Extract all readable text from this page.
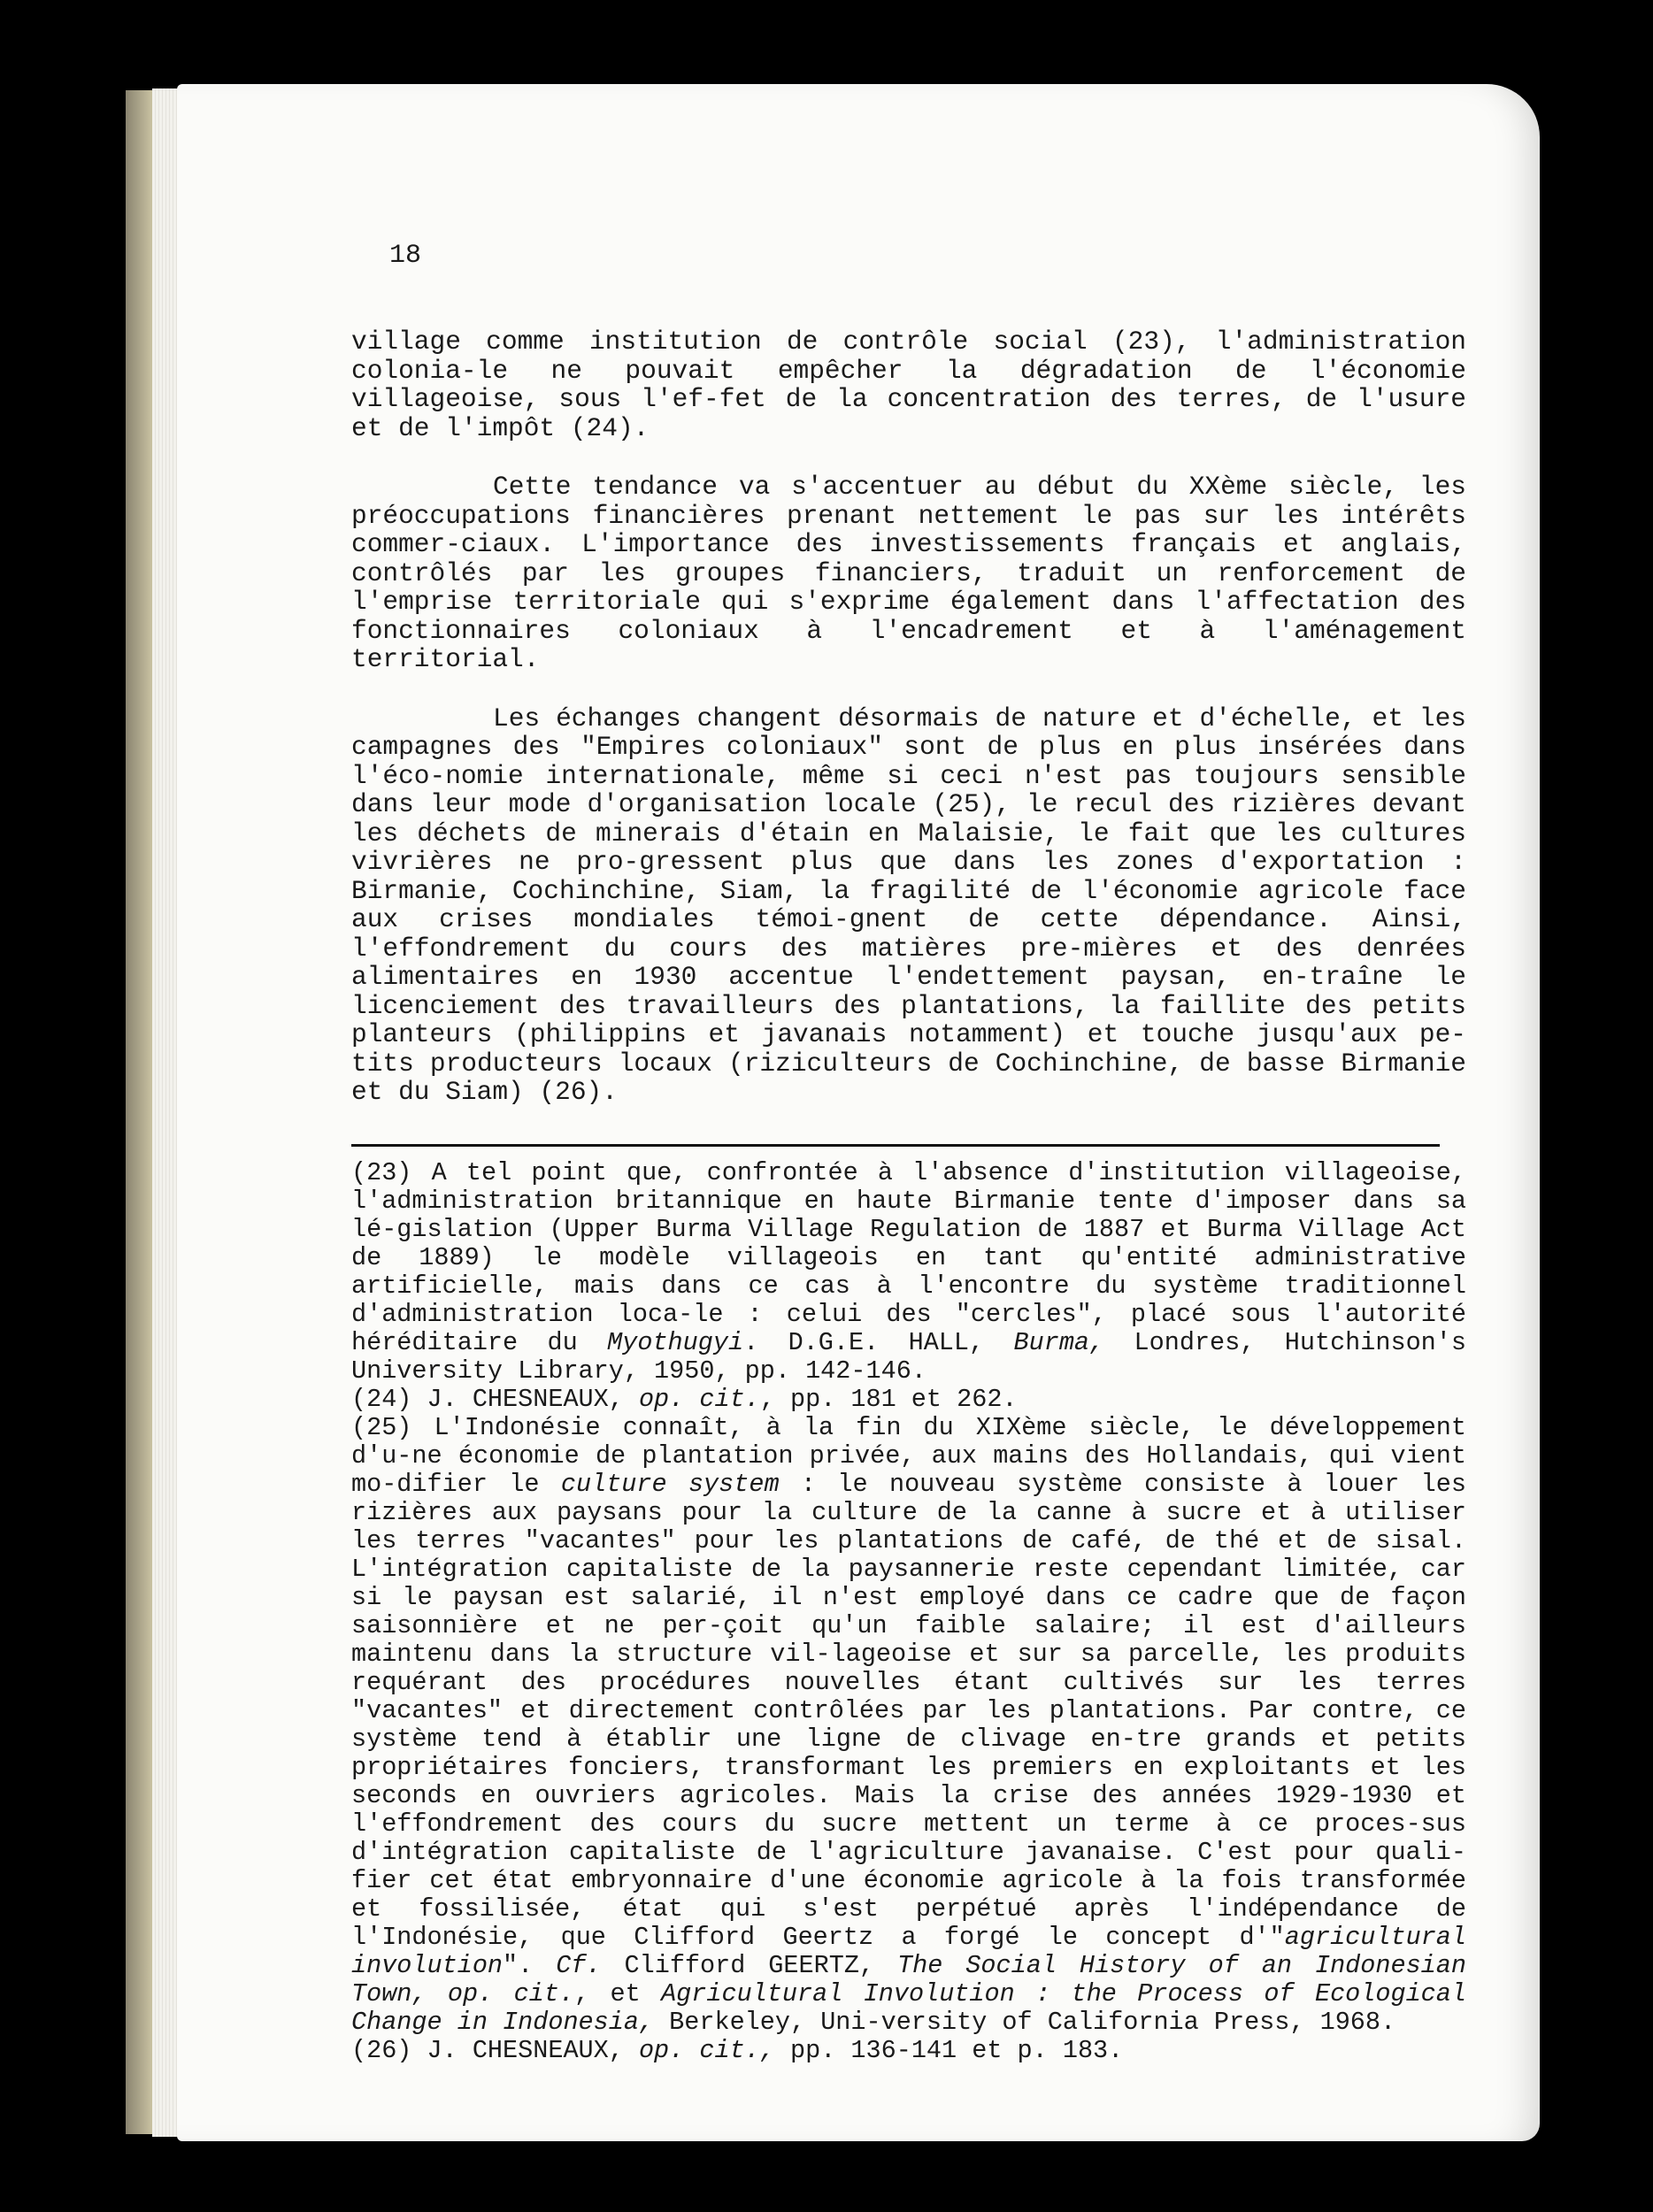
18

village comme institution de contrôle social (23), l'administration colonia-le ne pouvait empêcher la dégradation de l'économie villageoise, sous l'ef-fet de la concentration des terres, de l'usure et de l'impôt (24).

Cette tendance va s'accentuer au début du XXème siècle, les préoccupations financières prenant nettement le pas sur les intérêts commer-ciaux. L'importance des investissements français et anglais, contrôlés par les groupes financiers, traduit un renforcement de l'emprise territoriale qui s'exprime également dans l'affectation des fonctionnaires coloniaux à l'encadrement et à l'aménagement territorial.

Les échanges changent désormais de nature et d'échelle, et les campagnes des "Empires coloniaux" sont de plus en plus insérées dans l'éco-nomie internationale, même si ceci n'est pas toujours sensible dans leur mode d'organisation locale (25), le recul des rizières devant les déchets de minerais d'étain en Malaisie, le fait que les cultures vivrières ne pro-gressent plus que dans les zones d'exportation : Birmanie, Cochinchine, Siam, la fragilité de l'économie agricole face aux crises mondiales témoi-gnent de cette dépendance. Ainsi, l'effondrement du cours des matières pre-mières et des denrées alimentaires en 1930 accentue l'endettement paysan, en-traîne le licenciement des travailleurs des plantations, la faillite des petits planteurs (philippins et javanais notamment) et touche jusqu'aux pe-tits producteurs locaux (riziculteurs de Cochinchine, de basse Birmanie et du Siam) (26).

(23) A tel point que, confrontée à l'absence d'institution villageoise, l'administration britannique en haute Birmanie tente d'imposer dans sa lé-gislation (Upper Burma Village Regulation de 1887 et Burma Village Act de 1889) le modèle villageois en tant qu'entité administrative artificielle, mais dans ce cas à l'encontre du système traditionnel d'administration loca-le : celui des "cercles", placé sous l'autorité héréditaire du Myothugyi. D.G.E. HALL, Burma, Londres, Hutchinson's University Library, 1950, pp. 142-146.

(24) J. CHESNEAUX, op. cit., pp. 181 et 262.

(25) L'Indonésie connaît, à la fin du XIXème siècle, le développement d'u-ne économie de plantation privée, aux mains des Hollandais, qui vient mo-difier le culture system : le nouveau système consiste à louer les rizières aux paysans pour la culture de la canne à sucre et à utiliser les terres "vacantes" pour les plantations de café, de thé et de sisal. L'intégration capitaliste de la paysannerie reste cependant limitée, car si le paysan est salarié, il n'est employé dans ce cadre que de façon saisonnière et ne per-çoit qu'un faible salaire; il est d'ailleurs maintenu dans la structure vil-lageoise et sur sa parcelle, les produits requérant des procédures nouvelles étant cultivés sur les terres "vacantes" et directement contrôlées par les plantations. Par contre, ce système tend à établir une ligne de clivage en-tre grands et petits propriétaires fonciers, transformant les premiers en exploitants et les seconds en ouvriers agricoles. Mais la crise des années 1929-1930 et l'effondrement des cours du sucre mettent un terme à ce proces-sus d'intégration capitaliste de l'agriculture javanaise. C'est pour quali-fier cet état embryonnaire d'une économie agricole à la fois transformée et fossilisée, état qui s'est perpétué après l'indépendance de l'Indonésie, que Clifford Geertz a forgé le concept d'"agricultural involution". Cf. Clifford GEERTZ, The Social History of an Indonesian Town, op. cit., et Agricultural Involution : the Process of Ecological Change in Indonesia, Berkeley, Uni-versity of California Press, 1968.

(26) J. CHESNEAUX, op. cit., pp. 136-141 et p. 183.
